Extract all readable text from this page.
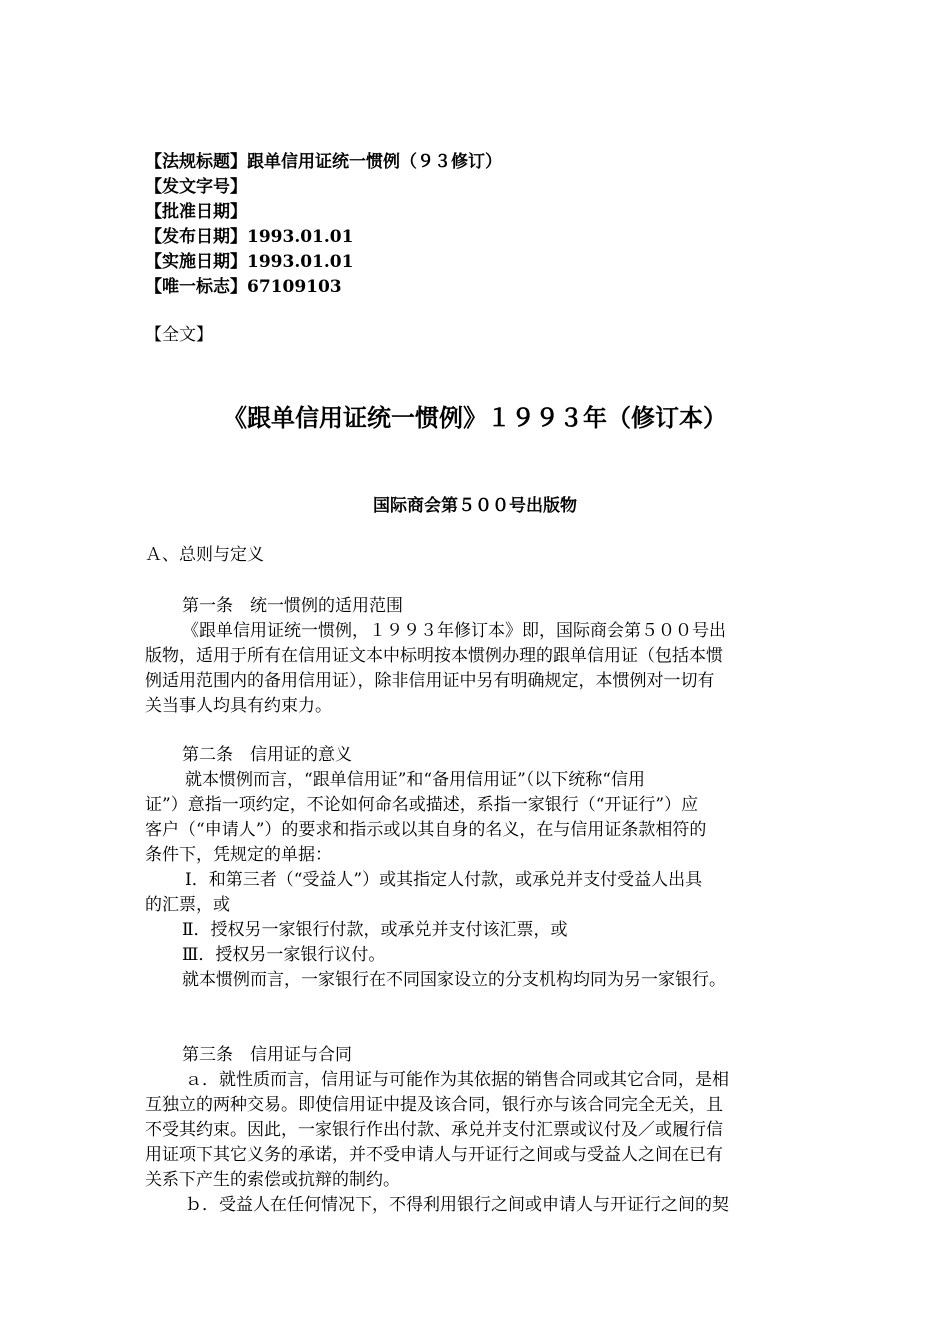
【法规标题】跟单信用证统一惯例（９３修订）
【发文字号】
【批准日期】
【发布日期】1993.01.01
【实施日期】1993.01.01
【唯一标志】67109103
【全文】
《跟单信用证统一惯例》１９９３年（修订本）
国际商会第５００号出版物
Ａ、总则与定义
第一条　统一惯例的适用范围
《跟单信用证统一惯例，１９９３年修订本》即，国际商会第５００号出
版物，适用于所有在信用证文本中标明按本惯例办理的跟单信用证（包括本惯
例适用范围内的备用信用证），除非信用证中另有明确规定，本惯例对一切有
关当事人均具有约束力。
第二条　信用证的意义
就本惯例而言，“跟单信用证”和“备用信用证”（以下统称“信用
证”）意指一项约定，不论如何命名或描述，系指一家银行（“开证行”）应
客户（“申请人”）的要求和指示或以其自身的名义，在与信用证条款相符的
条件下，凭规定的单据：
Ⅰ．和第三者（“受益人”）或其指定人付款，或承兑并支付受益人出具
的汇票，或
Ⅱ．授权另一家银行付款，或承兑并支付该汇票，或
Ⅲ．授权另一家银行议付。
就本惯例而言，一家银行在不同国家设立的分支机构均同为另一家银行。
第三条　信用证与合同
ａ．就性质而言，信用证与可能作为其依据的销售合同或其它合同，是相
互独立的两种交易。即使信用证中提及该合同，银行亦与该合同完全无关，且
不受其约束。因此，一家银行作出付款、承兑并支付汇票或议付及／或履行信
用证项下其它义务的承诺，并不受申请人与开证行之间或与受益人之间在已有
关系下产生的索偿或抗辩的制约。
ｂ．受益人在任何情况下，不得利用银行之间或申请人与开证行之间的契
